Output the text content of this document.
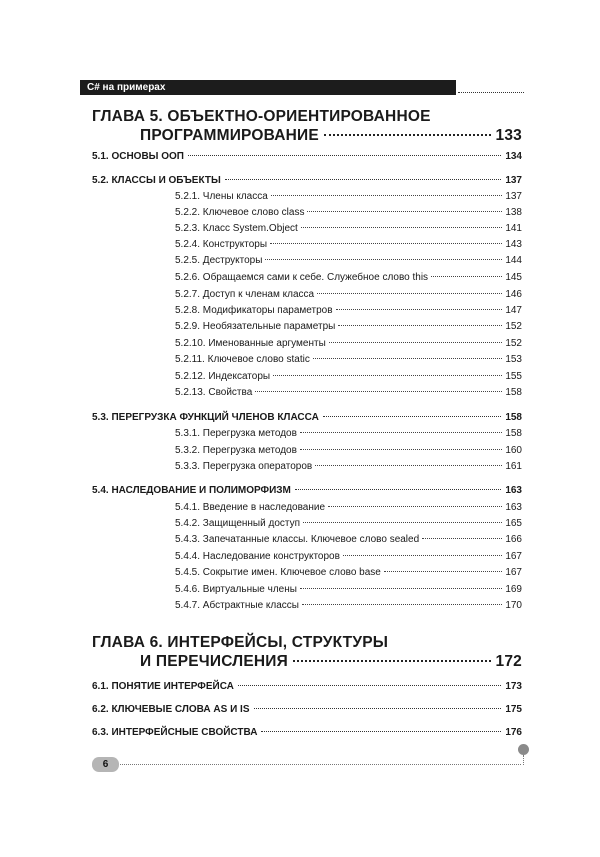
C# на примерах
ГЛАВА 5. ОБЪЕКТНО-ОРИЕНТИРОВАННОЕ
ПРОГРАММИРОВАНИЕ	133
5.1. ОСНОВЫ ООП	134
5.2. КЛАССЫ И ОБЪЕКТЫ	137
5.2.1. Члены класса	137
5.2.2. Ключевое слово class	138
5.2.3. Класс System.Object	141
5.2.4. Конструкторы	143
5.2.5. Деструкторы	144
5.2.6. Обращаемся сами к себе. Служебное слово this	145
5.2.7. Доступ к членам класса	146
5.2.8. Модификаторы параметров	147
5.2.9. Необязательные параметры	152
5.2.10. Именованные аргументы	152
5.2.11. Ключевое слово static	153
5.2.12. Индексаторы	155
5.2.13. Свойства	158
5.3. ПЕРЕГРУЗКА ФУНКЦИЙ ЧЛЕНОВ КЛАССА	158
5.3.1. Перегрузка методов	158
5.3.2. Перегрузка методов	160
5.3.3. Перегрузка операторов	161
5.4. НАСЛЕДОВАНИЕ И ПОЛИМОРФИЗМ	163
5.4.1. Введение в наследование	163
5.4.2. Защищенный доступ	165
5.4.3. Запечатанные классы. Ключевое слово sealed	166
5.4.4. Наследование конструкторов	167
5.4.5. Сокрытие имен. Ключевое слово base	167
5.4.6. Виртуальные члены	169
5.4.7. Абстрактные классы	170
ГЛАВА 6. ИНТЕРФЕЙСЫ, СТРУКТУРЫ
И ПЕРЕЧИСЛЕНИЯ	172
6.1. ПОНЯТИЕ ИНТЕРФЕЙСА	173
6.2. КЛЮЧЕВЫЕ СЛОВА AS И IS	175
6.3. ИНТЕРФЕЙСНЫЕ СВОЙСТВА	176
6
